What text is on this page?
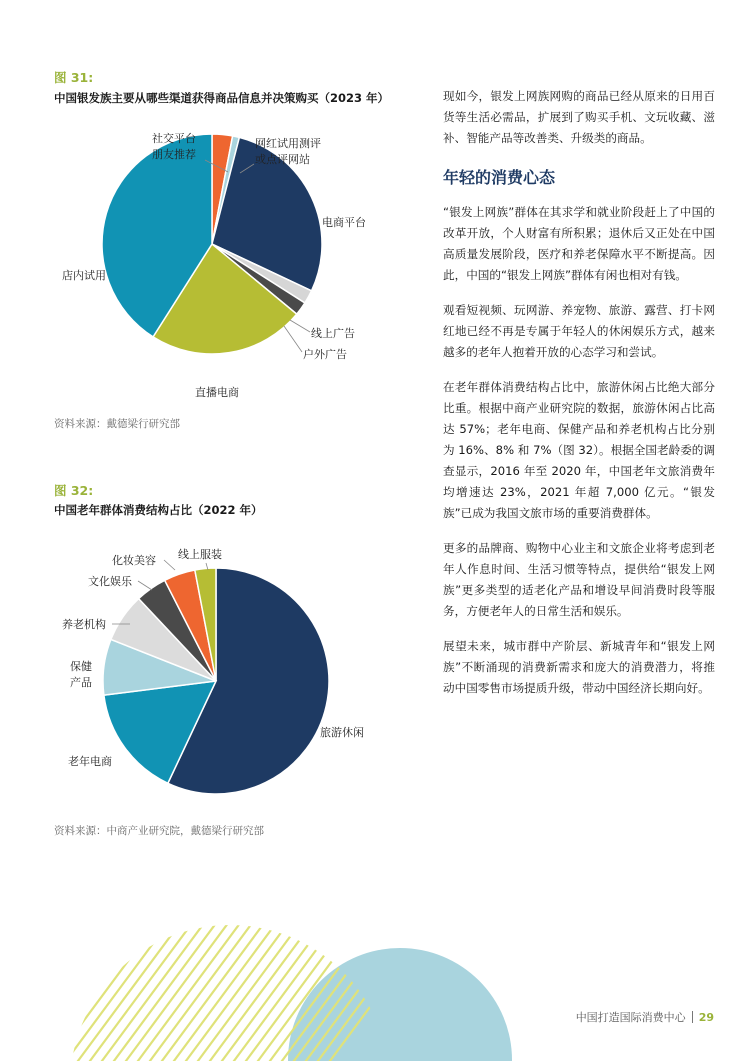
图 31:
中国银发族主要从哪些渠道获得商品信息并决策购买（2023 年）
社交平台朋友推荐
网红试用测评或点评网站
电商平台
线上广告
户外广告
直播电商
店内试用
资料来源：戴德梁行研究部
图 32:
中国老年群体消费结构占比（2022 年）
旅游休闲
老年电商
保健产品
养老机构
文化娱乐
化妆美容 线上服装
资料来源：中商产业研究院，戴德梁行研究部

现如今，银发上网族网购的商品已经从原来的日用百货等生活必需品，扩展到了购买手机、文玩收藏、滋补、智能产品等改善类、升级类的商品。

年轻的消费心态

“银发上网族”群体在其求学和就业阶段赶上了中国的改革开放，个人财富有所积累；退休后又正处在中国高质量发展阶段，医疗和养老保障水平不断提高。因此，中国的“银发上网族”群体有闲也相对有钱。

观看短视频、玩网游、养宠物、旅游、露营、打卡网红地已经不再是专属于年轻人的休闲娱乐方式，越来越多的老年人抱着开放的心态学习和尝试。

在老年群体消费结构占比中，旅游休闲占比绝大部分比重。根据中商产业研究院的数据，旅游休闲占比高达 57%；老年电商、保健产品和养老机构占比分别为 16%、8% 和 7%（图 32）。根据全国老龄委的调查显示，2016 年至 2020 年，中国老年文旅消费年均增速达 23%，2021 年超 7,000 亿元。“银发族”已成为我国文旅市场的重要消费群体。

更多的品牌商、购物中心业主和文旅企业将考虑到老年人作息时间、生活习惯等特点，提供给“银发上网族”更多类型的适老化产品和增设早间消费时段等服务，方便老年人的日常生活和娱乐。

展望未来，城市群中产阶层、新城青年和“银发上网族”不断涌现的消费新需求和庞大的消费潜力，将推动中国零售市场提质升级，带动中国经济长期向好。

中国打造国际消费中心 29
